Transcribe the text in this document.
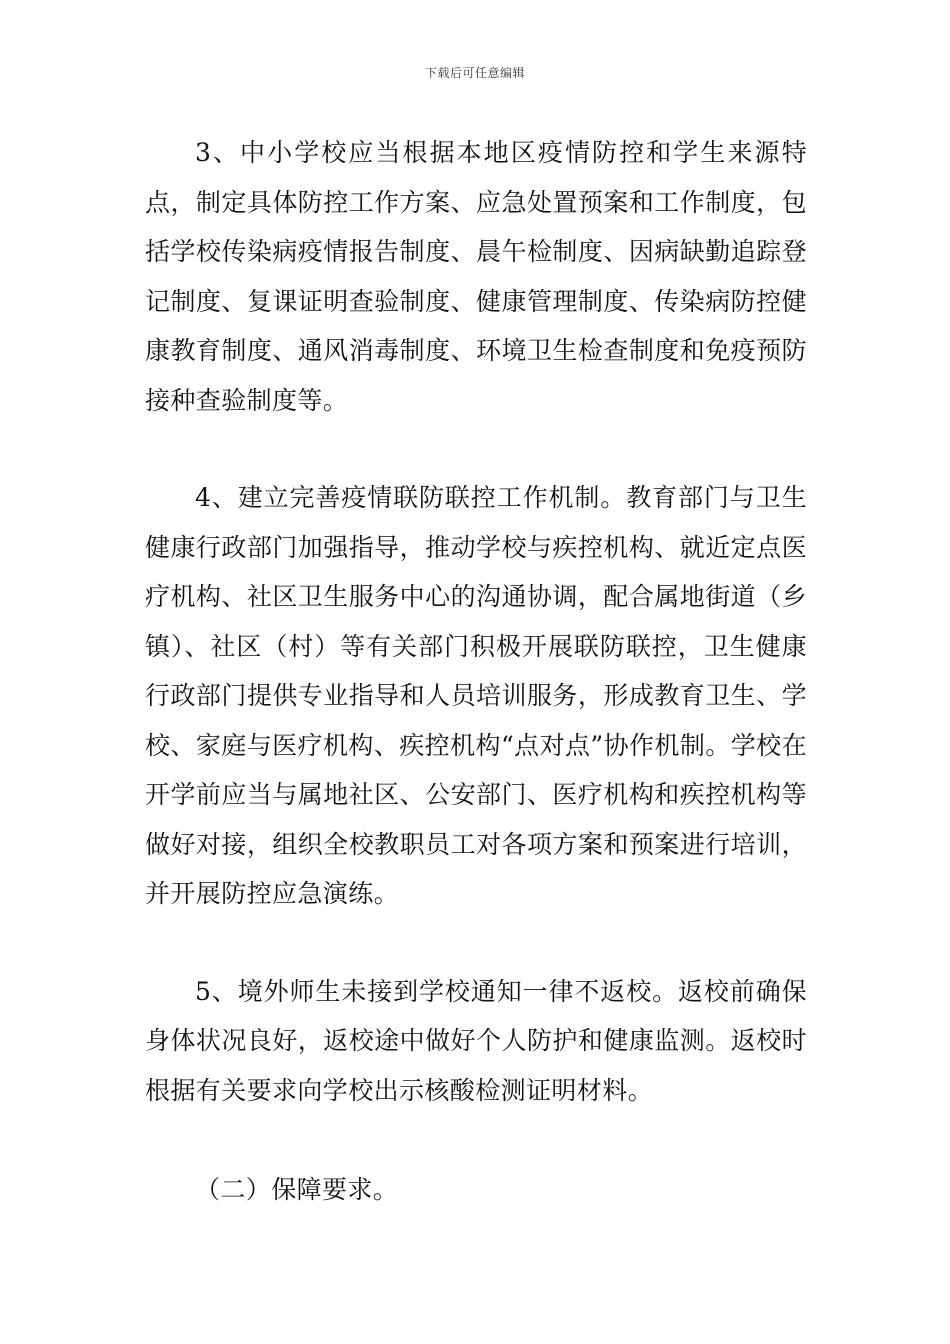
下载后可任意编辑

3、中小学校应当根据本地区疫情防控和学生来源特点，制定具体防控工作方案、应急处置预案和工作制度，包括学校传染病疫情报告制度、晨午检制度、因病缺勤追踪登记制度、复课证明查验制度、健康管理制度、传染病防控健康教育制度、通风消毒制度、环境卫生检查制度和免疫预防接种查验制度等。

4、建立完善疫情联防联控工作机制。教育部门与卫生健康行政部门加强指导，推动学校与疾控机构、就近定点医疗机构、社区卫生服务中心的沟通协调，配合属地街道（乡镇）、社区（村）等有关部门积极开展联防联控，卫生健康行政部门提供专业指导和人员培训服务，形成教育卫生、学校、家庭与医疗机构、疾控机构“点对点”协作机制。学校在开学前应当与属地社区、公安部门、医疗机构和疾控机构等做好对接，组织全校教职员工对各项方案和预案进行培训，并开展防控应急演练。

5、境外师生未接到学校通知一律不返校。返校前确保身体状况良好，返校途中做好个人防护和健康监测。返校时根据有关要求向学校出示核酸检测证明材料。

（二）保障要求。
